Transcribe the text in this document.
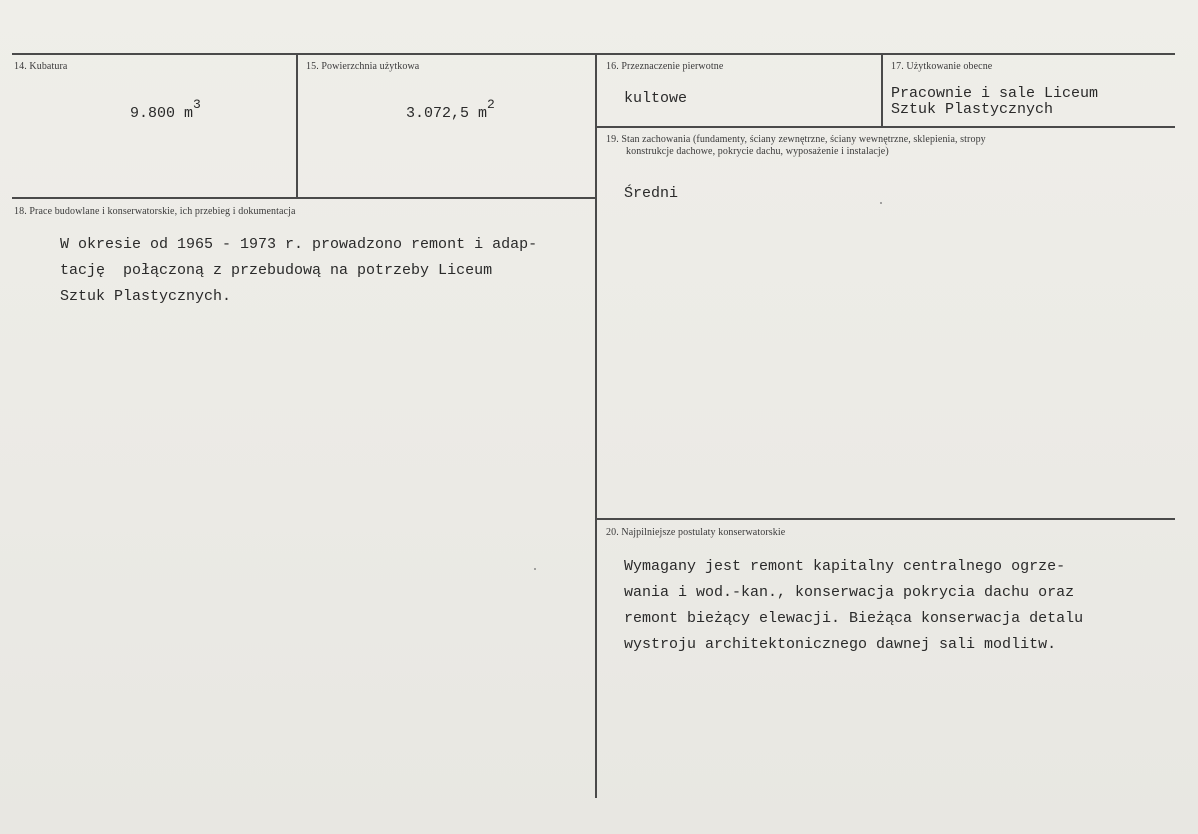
14. Kubatura
9.800 $m^3$
15. Powierzchnia użytkowa
3.072,5 $m^2$
16. Przeznaczenie pierwotne
kultowe
17. Użytkowanie obecne
Pracownie i sale Liceum
Sztuk Plastycznych
18. Prace budowlane i konserwatorskie, ich przebieg i dokumentacja
W okresie od 1965 - 1973 r. prowadzono remont i adap-
tację  połączoną z przebudową na potrzeby Liceum
Sztuk Plastycznych.
19. Stan zachowania (fundamenty, ściany zewnętrzne, ściany wewnętrzne, sklepienia, stropy
konstrukcje dachowe, pokrycie dachu, wyposażenie i instalacje)
Średni
20. Najpilniejsze postulaty konserwatorskie
Wymagany jest remont kapitalny centralnego ogrze-
wania i wod.-kan., konserwacja pokrycia dachu oraz
remont bieżący elewacji. Bieżąca konserwacja detalu
wystroju architektonicznego dawnej sali modlitw.
